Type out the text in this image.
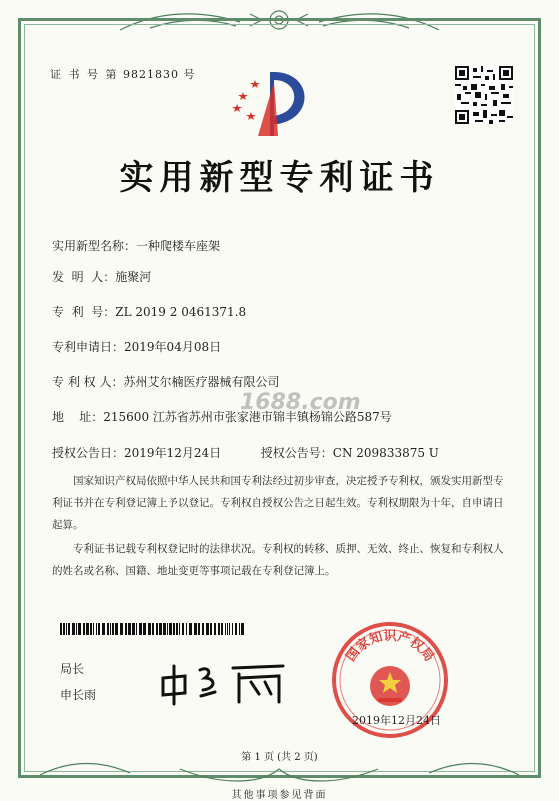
证 书 号 第 9821830 号
实用新型专利证书
实用新型名称：一种爬楼车座架
发  明  人：施聚河
专  利  号：ZL 2019 2 0461371.8
专利申请日：2019年04月08日
专 利 权 人：苏州艾尔楠医疗器械有限公司
地    址：215600 江苏省苏州市张家港市锦丰镇杨锦公路587号
授权公告日：2019年12月24日	授权公告号：CN 209833875 U
1688.com
国家知识产权局依照中华人民共和国专利法经过初步审查，决定授予专利权，颁发实用新型专利证书并在专利登记簿上予以登记。专利权自授权公告之日起生效。专利权期限为十年，自申请日起算。
专利证书记载专利权登记时的法律状况。专利权的转移、质押、无效、终止、恢复和专利权人的姓名或名称、国籍、地址变更等事项记载在专利登记簿上。
局长
申长雨
国家知识产权局
2019年12月24日
第 1 页 (共 2 页)
其他事项参见背面
